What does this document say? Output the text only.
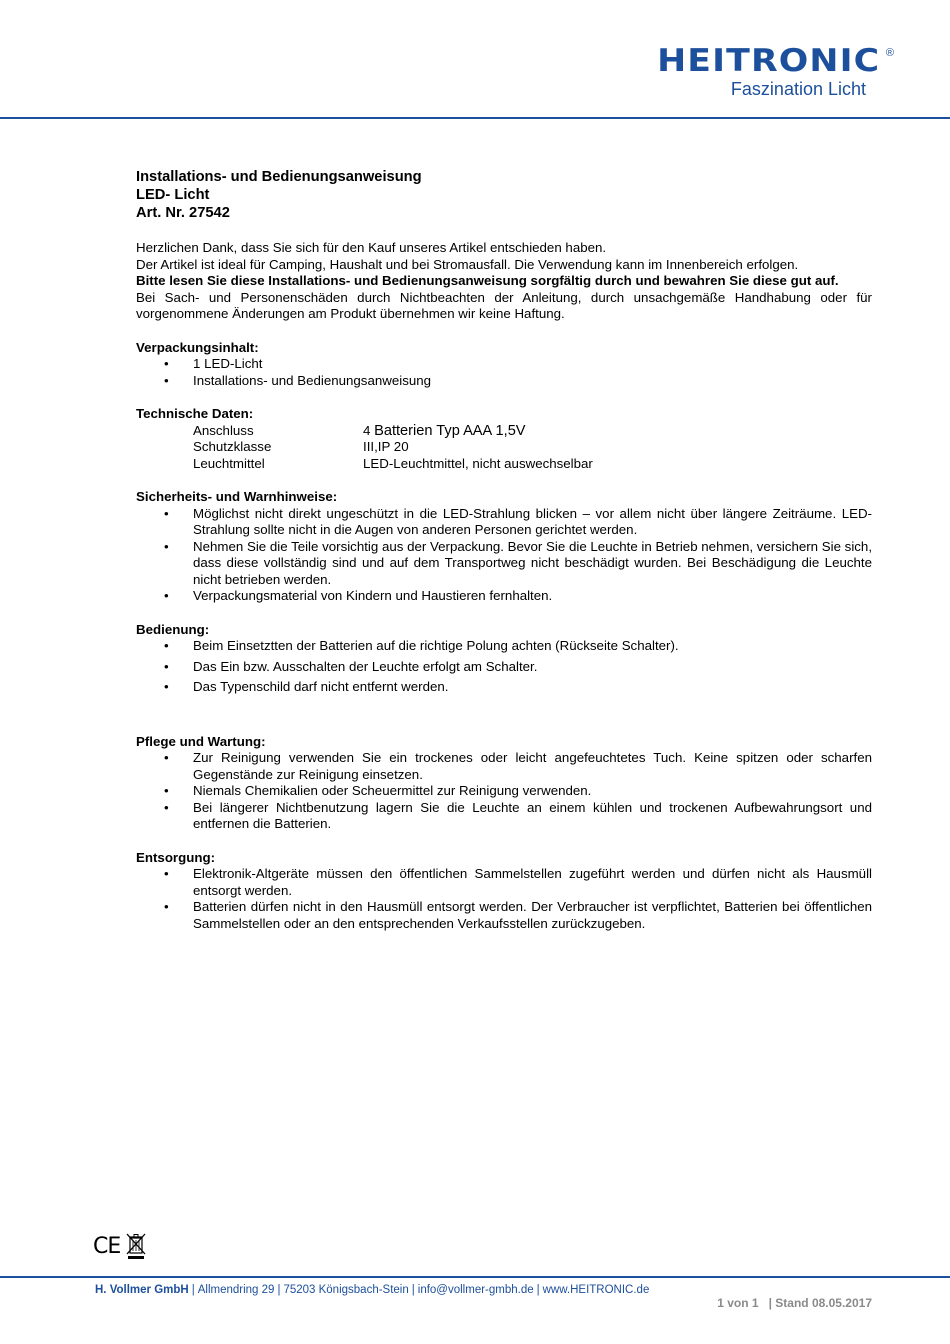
HEITRONIC ®
Faszination Licht
Installations- und Bedienungsanweisung
LED- Licht
Art. Nr. 27542
Herzlichen Dank, dass Sie sich für den Kauf unseres Artikel entschieden haben.
Der Artikel ist ideal für Camping, Haushalt und bei Stromausfall. Die Verwendung kann im Innenbereich erfolgen.
Bitte lesen Sie diese Installations- und Bedienungsanweisung sorgfältig durch und bewahren Sie diese gut auf.
Bei Sach- und Personenschäden durch Nichtbeachten der Anleitung, durch unsachgemäße Handhabung oder für vorgenommene Änderungen am Produkt übernehmen wir keine Haftung.
Verpackungsinhalt:
• 1 LED-Licht
• Installations- und Bedienungsanweisung
Technische Daten:
Anschluss	4 Batterien Typ AAA 1,5V
Schutzklasse	III,IP 20
Leuchtmittel	LED-Leuchtmittel, nicht auswechselbar
Sicherheits- und Warnhinweise:
• Möglichst nicht direkt ungeschützt in die LED-Strahlung blicken – vor allem nicht über längere Zeiträume. LED-Strahlung sollte nicht in die Augen von anderen Personen gerichtet werden.
• Nehmen Sie die Teile vorsichtig aus der Verpackung. Bevor Sie die Leuchte in Betrieb nehmen, versichern Sie sich, dass diese vollständig sind und auf dem Transportweg nicht beschädigt wurden. Bei Beschädigung die Leuchte nicht betrieben werden.
• Verpackungsmaterial von Kindern und Haustieren fernhalten.
Bedienung:
• Beim Einsetztten der Batterien auf die richtige Polung achten (Rückseite Schalter).
• Das Ein bzw. Ausschalten der Leuchte erfolgt am Schalter.
• Das Typenschild darf nicht entfernt werden.
Pflege und Wartung:
• Zur Reinigung verwenden Sie ein trockenes oder leicht angefeuchtetes Tuch. Keine spitzen oder scharfen Gegenstände zur Reinigung einsetzen.
• Niemals Chemikalien oder Scheuermittel zur Reinigung verwenden.
• Bei längerer Nichtbenutzung lagern Sie die Leuchte an einem kühlen und trockenen Aufbewahrungsort und entfernen die Batterien.
Entsorgung:
• Elektronik-Altgeräte müssen den öffentlichen Sammelstellen zugeführt werden und dürfen nicht als Hausmüll entsorgt werden.
• Batterien dürfen nicht in den Hausmüll entsorgt werden. Der Verbraucher ist verpflichtet, Batterien bei öffentlichen Sammelstellen oder an den entsprechenden Verkaufsstellen zurückzugeben.
CE
H. Vollmer GmbH | Allmendring 29 | 75203 Königsbach-Stein | info@vollmer-gmbh.de | www.HEITRONIC.de
1 von 1 | Stand 08.05.2017
